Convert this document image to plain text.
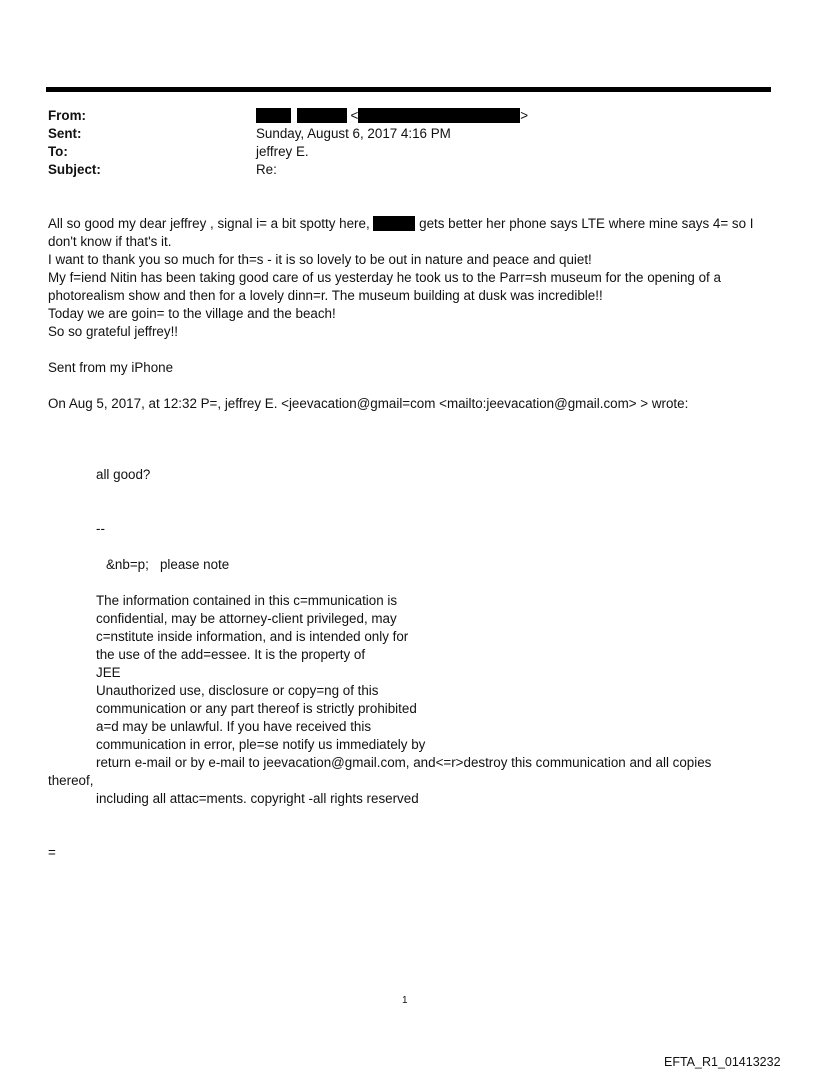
From:
Sent:
To:
Subject:
<	>
Sunday, August 6, 2017 4:16 PM
jeffrey E.
Re:
All so good my dear jeffrey , signal i= a bit spotty here,	gets better her phone says LTE where mine says 4= so I
don't know if that's it.
I want to thank you so much for th=s - it is so lovely to be out in nature and peace and quiet!
My f=iend Nitin has been taking good care of us yesterday he took us to the Parr=sh museum for the opening of a
photorealism show and then for a lovely dinn=r. The museum building at dusk was incredible!!
Today we are goin= to the village and the beach!
So so grateful jeffrey!!
Sent from my iPhone
On Aug 5, 2017, at 12:32 P=, jeffrey E. <jeevacation@gmail=com <mailto:jeevacation@gmail.com> > wrote:
all good?
--
&nb=p;   please note
The information contained in this c=mmunication is
confidential, may be attorney-client privileged, may
c=nstitute inside information, and is intended only for
the use of the add=essee. It is the property of
JEE
Unauthorized use, disclosure or copy=ng of this
communication or any part thereof is strictly prohibited
a=d may be unlawful. If you have received this
communication in error, ple=se notify us immediately by
return e-mail or by e-mail to jeevacation@gmail.com, and<=r>destroy this communication and all copies
thereof,
including all attac=ments. copyright -all rights reserved
=
1
EFTA_R1_01413232
